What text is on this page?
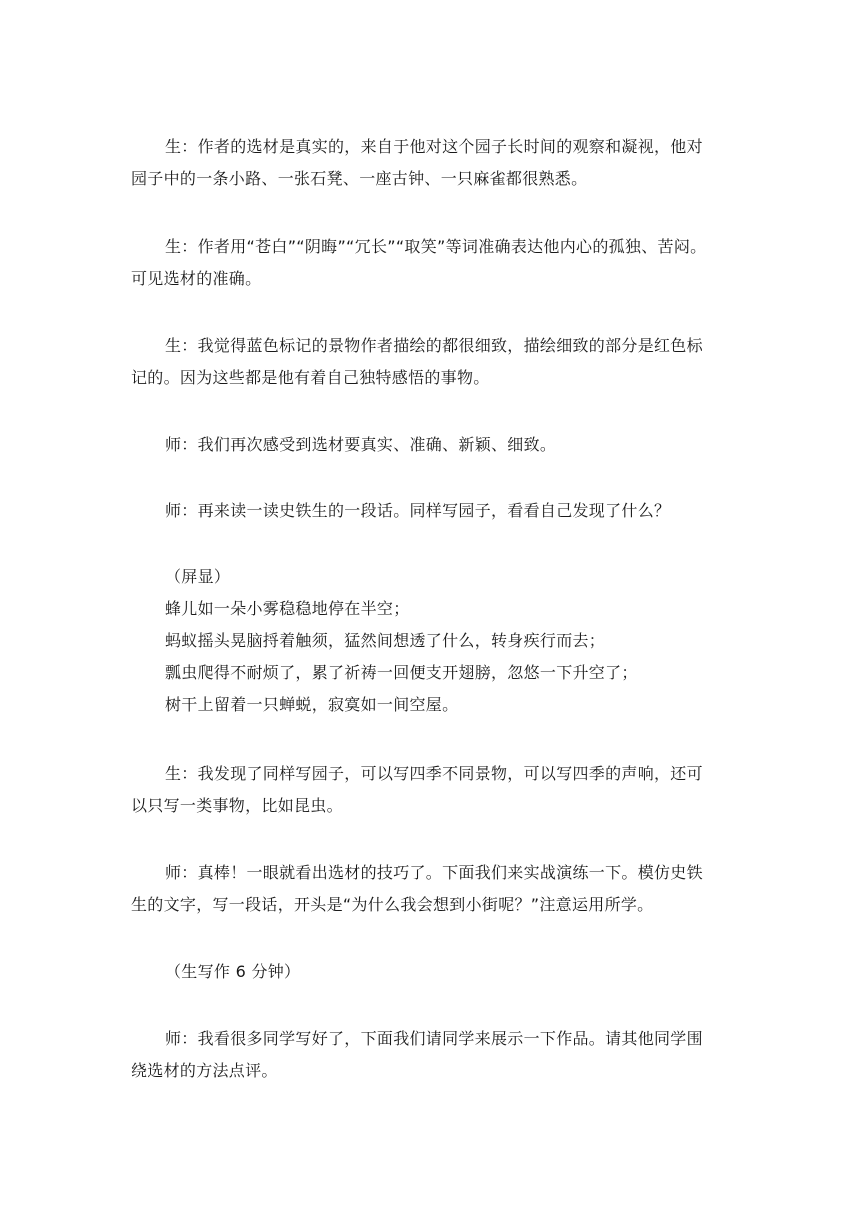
生：作者的选材是真实的，来自于他对这个园子长时间的观察和凝视，他对
园子中的一条小路、一张石凳、一座古钟、一只麻雀都很熟悉。

生：作者用“苍白”“阴晦”“冗长”“取笑”等词准确表达他内心的孤独、苦闷。
可见选材的准确。

生：我觉得蓝色标记的景物作者描绘的都很细致，描绘细致的部分是红色标
记的。因为这些都是他有着自己独特感悟的事物。

师：我们再次感受到选材要真实、准确、新颖、细致。

师：再来读一读史铁生的一段话。同样写园子，看看自己发现了什么？

（屏显）
蜂儿如一朵小雾稳稳地停在半空；
蚂蚁摇头晃脑捋着触须，猛然间想透了什么，转身疾行而去；
瓢虫爬得不耐烦了，累了祈祷一回便支开翅膀，忽悠一下升空了；
树干上留着一只蝉蜕，寂寞如一间空屋。

生：我发现了同样写园子，可以写四季不同景物，可以写四季的声响，还可
以只写一类事物，比如昆虫。

师：真棒！一眼就看出选材的技巧了。下面我们来实战演练一下。模仿史铁
生的文字，写一段话，开头是“为什么我会想到小街呢？”注意运用所学。

（生写作 6 分钟）

师：我看很多同学写好了，下面我们请同学来展示一下作品。请其他同学围
绕选材的方法点评。
